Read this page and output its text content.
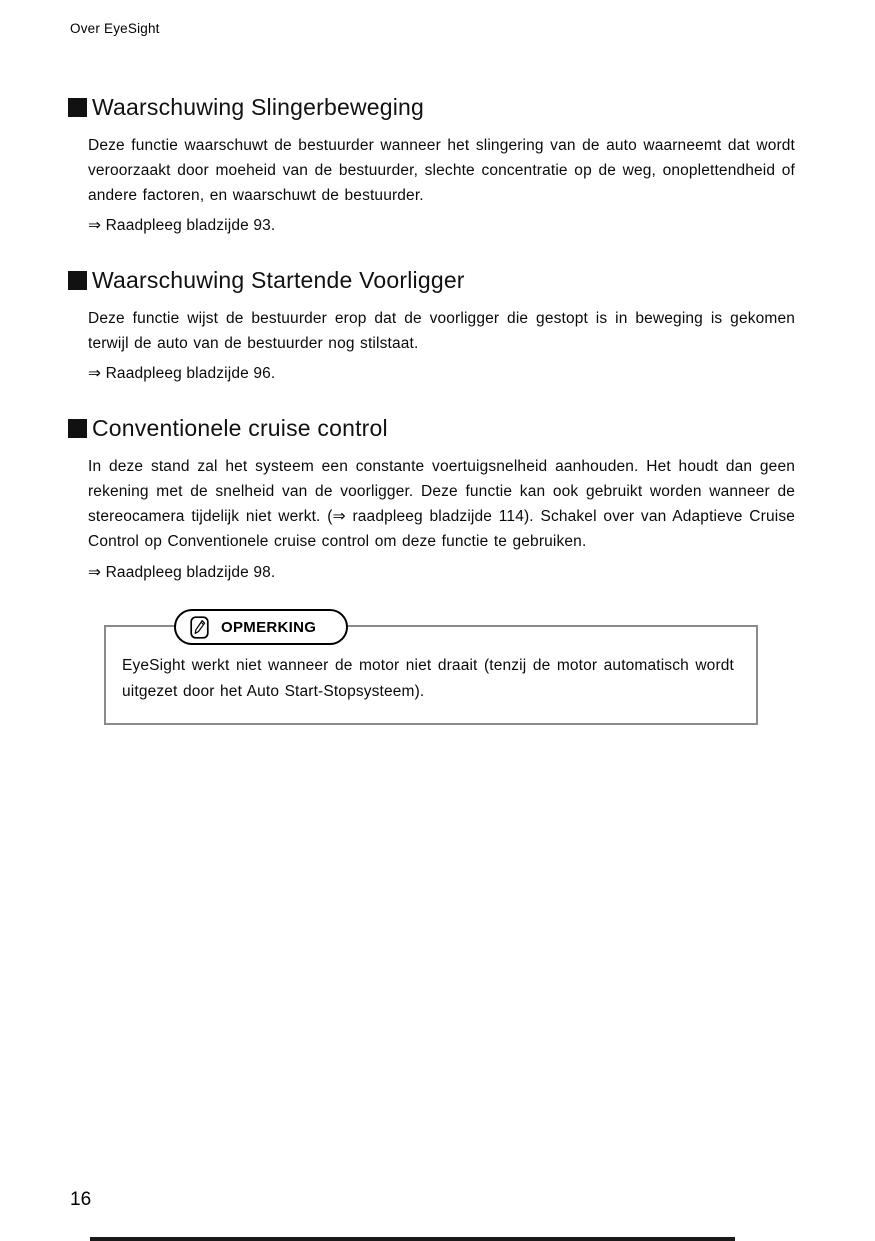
Over EyeSight
Waarschuwing Slingerbeweging

Deze functie waarschuwt de bestuurder wanneer het slingering van de auto waarneemt dat wordt veroorzaakt door moeheid van de bestuurder, slechte concentratie op de weg, onoplettendheid of andere factoren, en waarschuwt de bestuurder.

⇒ Raadpleeg bladzijde 93.

Waarschuwing Startende Voorligger

Deze functie wijst de bestuurder erop dat de voorligger die gestopt is in beweging is gekomen terwijl de auto van de bestuurder nog stilstaat.

⇒ Raadpleeg bladzijde 96.

Conventionele cruise control

In deze stand zal het systeem een constante voertuigsnelheid aanhouden. Het houdt dan geen rekening met de snelheid van de voorligger. Deze functie kan ook gebruikt worden wanneer de stereocamera tijdelijk niet werkt. (⇒ raadpleeg bladzijde 114). Schakel over van Adaptieve Cruise Control op Conventionele cruise control om deze functie te gebruiken.

⇒ Raadpleeg bladzijde 98.

OPMERKING
EyeSight werkt niet wanneer de motor niet draait (tenzij de motor automatisch wordt uitgezet door het Auto Start-Stopsysteem).
16
